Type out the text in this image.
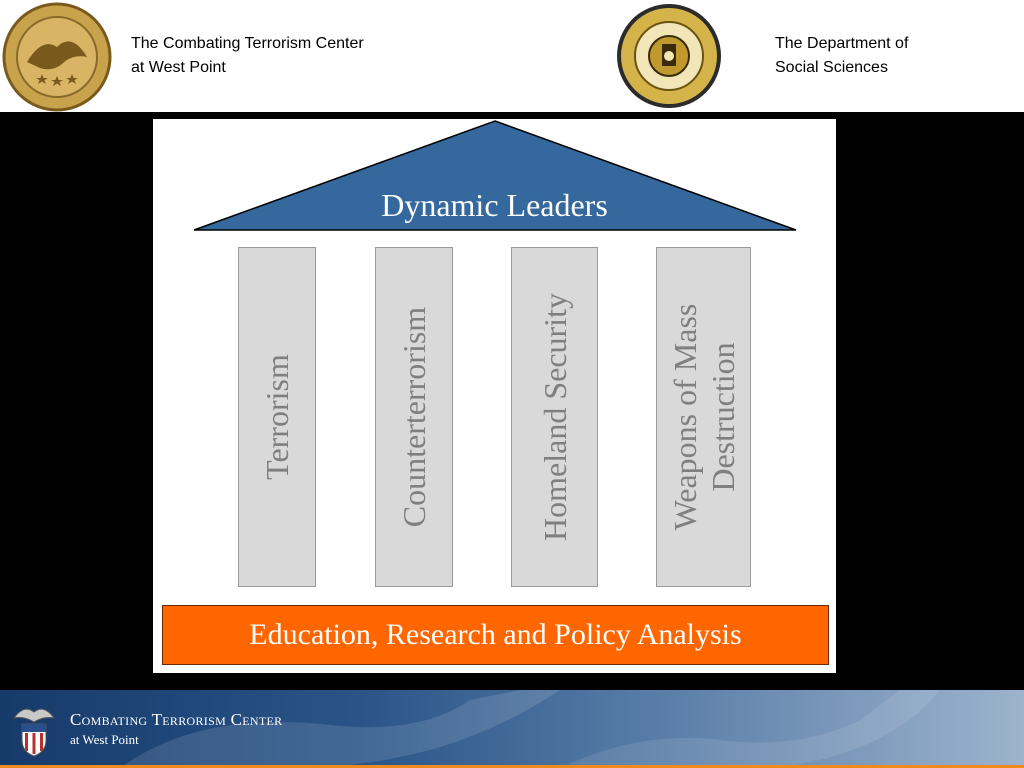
The Combating Terrorism Center
at West Point
The Department of
Social Sciences
Dynamic Leaders
Terrorism	Counterterrorism	Homeland Security	Weapons of Mass Destruction
Education, Research and Policy Analysis
Combating Terrorism Center
at West Point
